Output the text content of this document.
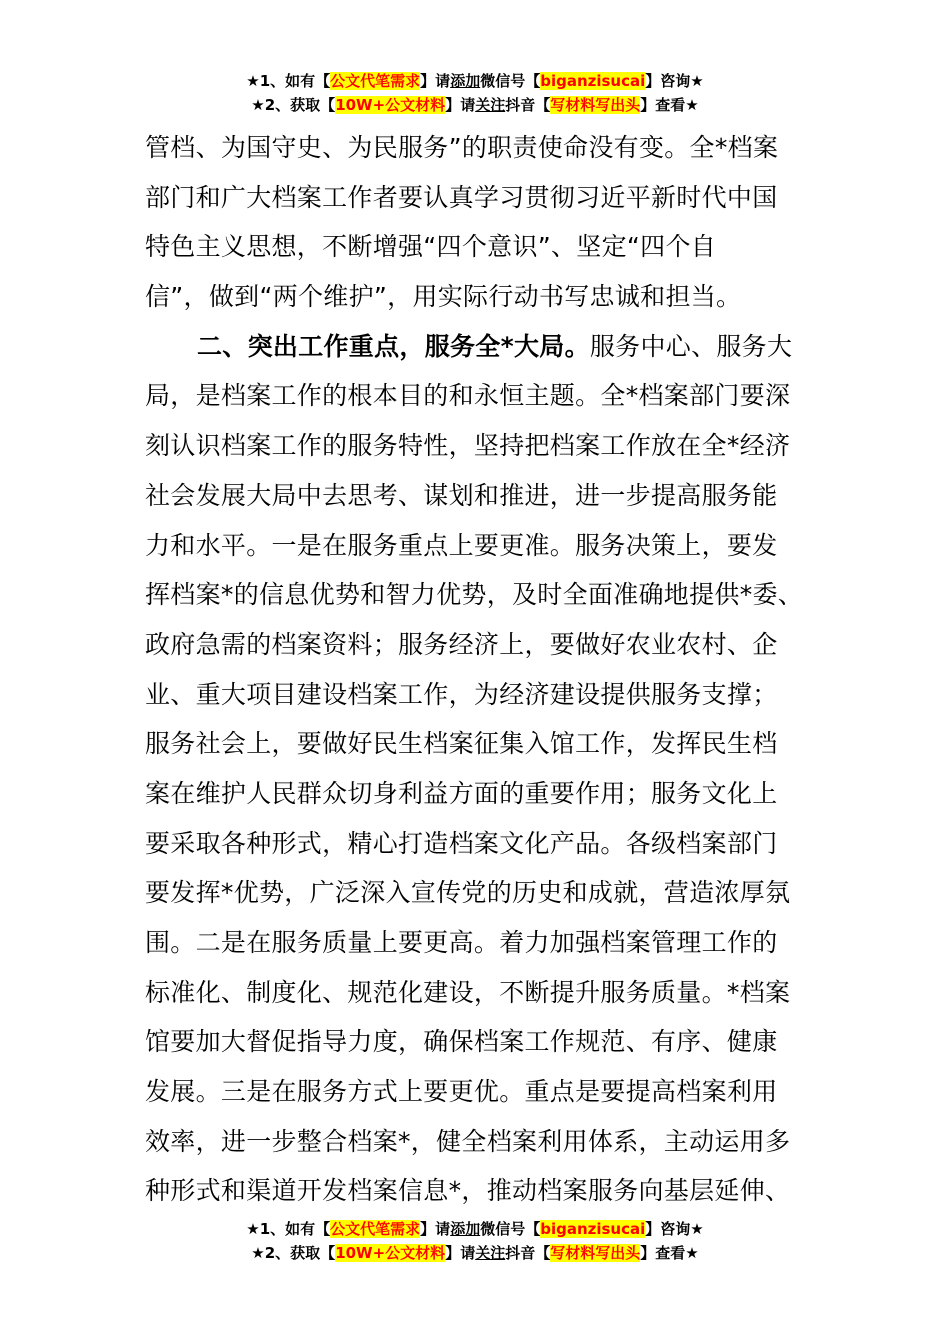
★1、如有【公文代笔需求】请添加微信号【biganzisucai】咨询★
★2、获取【10W+公文材料】请关注抖音【写材料写出头】查看★
管档、为国守史、为民服务”的职责使命没有变。全*档案
部门和广大档案工作者要认真学习贯彻习近平新时代中国
特色主义思想，不断增强“四个意识”、坚定“四个自
信”，做到“两个维护”，用实际行动书写忠诚和担当。
二、突出工作重点，服务全*大局。服务中心、服务大
局，是档案工作的根本目的和永恒主题。全*档案部门要深
刻认识档案工作的服务特性，坚持把档案工作放在全*经济
社会发展大局中去思考、谋划和推进，进一步提高服务能
力和水平。一是在服务重点上要更准。服务决策上，要发
挥档案*的信息优势和智力优势，及时全面准确地提供*委、
政府急需的档案资料；服务经济上，要做好农业农村、企
业、重大项目建设档案工作，为经济建设提供服务支撑；
服务社会上，要做好民生档案征集入馆工作，发挥民生档
案在维护人民群众切身利益方面的重要作用；服务文化上
要采取各种形式，精心打造档案文化产品。各级档案部门
要发挥*优势，广泛深入宣传党的历史和成就，营造浓厚氛
围。二是在服务质量上要更高。着力加强档案管理工作的
标准化、制度化、规范化建设，不断提升服务质量。*档案
馆要加大督促指导力度，确保档案工作规范、有序、健康
发展。三是在服务方式上要更优。重点是要提高档案利用
效率，进一步整合档案*，健全档案利用体系，主动运用多
种形式和渠道开发档案信息*，推动档案服务向基层延伸、
★1、如有【公文代笔需求】请添加微信号【biganzisucai】咨询★
★2、获取【10W+公文材料】请关注抖音【写材料写出头】查看★
